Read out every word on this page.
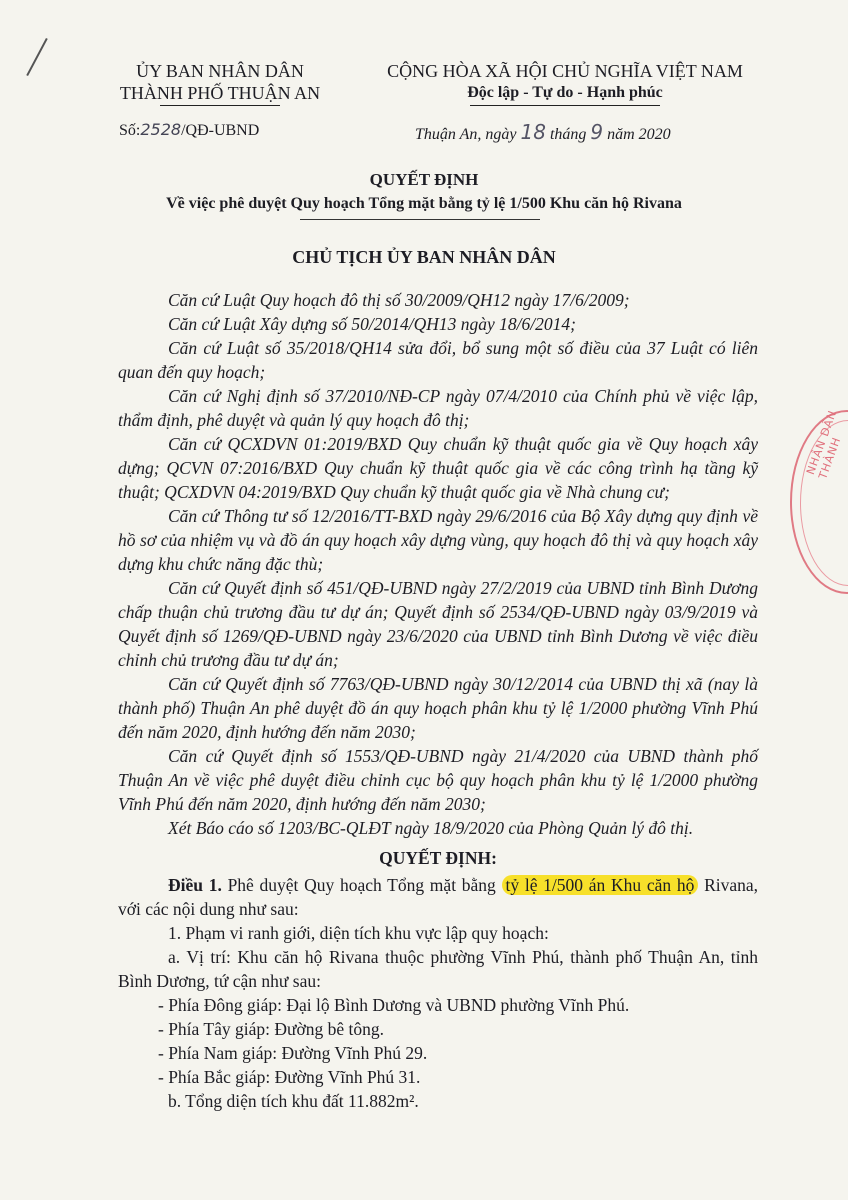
ỦY BAN NHÂN DÂN
THÀNH PHỐ THUẬN AN
CỘNG HÒA XÃ HỘI CHỦ NGHĨA VIỆT NAM
Độc lập - Tự do - Hạnh phúc
Số:2528/QĐ-UBND	Thuận An, ngày 18 tháng 9 năm 2020
QUYẾT ĐỊNH
Về việc phê duyệt Quy hoạch Tổng mặt bằng tỷ lệ 1/500 Khu căn hộ Rivana
CHỦ TỊCH ỦY BAN NHÂN DÂN

Căn cứ Luật Quy hoạch đô thị số 30/2009/QH12 ngày 17/6/2009;

Căn cứ Luật Xây dựng số 50/2014/QH13 ngày 18/6/2014;

Căn cứ Luật số 35/2018/QH14 sửa đổi, bổ sung một số điều của 37 Luật có liên quan đến quy hoạch;

Căn cứ Nghị định số 37/2010/NĐ-CP ngày 07/4/2010 của Chính phủ về việc lập, thẩm định, phê duyệt và quản lý quy hoạch đô thị;

Căn cứ QCXDVN 01:2019/BXD Quy chuẩn kỹ thuật quốc gia về Quy hoạch xây dựng; QCVN 07:2016/BXD Quy chuẩn kỹ thuật quốc gia về các công trình hạ tầng kỹ thuật; QCXDVN 04:2019/BXD Quy chuẩn kỹ thuật quốc gia về Nhà chung cư;

Căn cứ Thông tư số 12/2016/TT-BXD ngày 29/6/2016 của Bộ Xây dựng quy định về hồ sơ của nhiệm vụ và đồ án quy hoạch xây dựng vùng, quy hoạch đô thị và quy hoạch xây dựng khu chức năng đặc thù;

Căn cứ Quyết định số 451/QĐ-UBND ngày 27/2/2019 của UBND tỉnh Bình Dương chấp thuận chủ trương đầu tư dự án; Quyết định số 2534/QĐ-UBND ngày 03/9/2019 và Quyết định số 1269/QĐ-UBND ngày 23/6/2020 của UBND tỉnh Bình Dương về việc điều chỉnh chủ trương đầu tư dự án;

Căn cứ Quyết định số 7763/QĐ-UBND ngày 30/12/2014 của UBND thị xã (nay là thành phố) Thuận An phê duyệt đồ án quy hoạch phân khu tỷ lệ 1/2000 phường Vĩnh Phú đến năm 2020, định hướng đến năm 2030;

Căn cứ Quyết định số 1553/QĐ-UBND ngày 21/4/2020 của UBND thành phố Thuận An về việc phê duyệt điều chỉnh cục bộ quy hoạch phân khu tỷ lệ 1/2000 phường Vĩnh Phú đến năm 2020, định hướng đến năm 2030;

Xét Báo cáo số 1203/BC-QLĐT ngày 18/9/2020 của Phòng Quản lý đô thị.

QUYẾT ĐỊNH:

Điều 1. Phê duyệt Quy hoạch Tổng mặt bằng tỷ lệ 1/500 án Khu căn hộ Rivana, với các nội dung như sau:

1. Phạm vi ranh giới, diện tích khu vực lập quy hoạch:

a. Vị trí: Khu căn hộ Rivana thuộc phường Vĩnh Phú, thành phố Thuận An, tỉnh Bình Dương, tứ cận như sau:

- Phía Đông giáp: Đại lộ Bình Dương và UBND phường Vĩnh Phú.

- Phía Tây giáp: Đường bê tông.

- Phía Nam giáp: Đường Vĩnh Phú 29.

- Phía Bắc giáp: Đường Vĩnh Phú 31.

b. Tổng diện tích khu đất 11.882m².

NHÂN DÂN THÀNH
